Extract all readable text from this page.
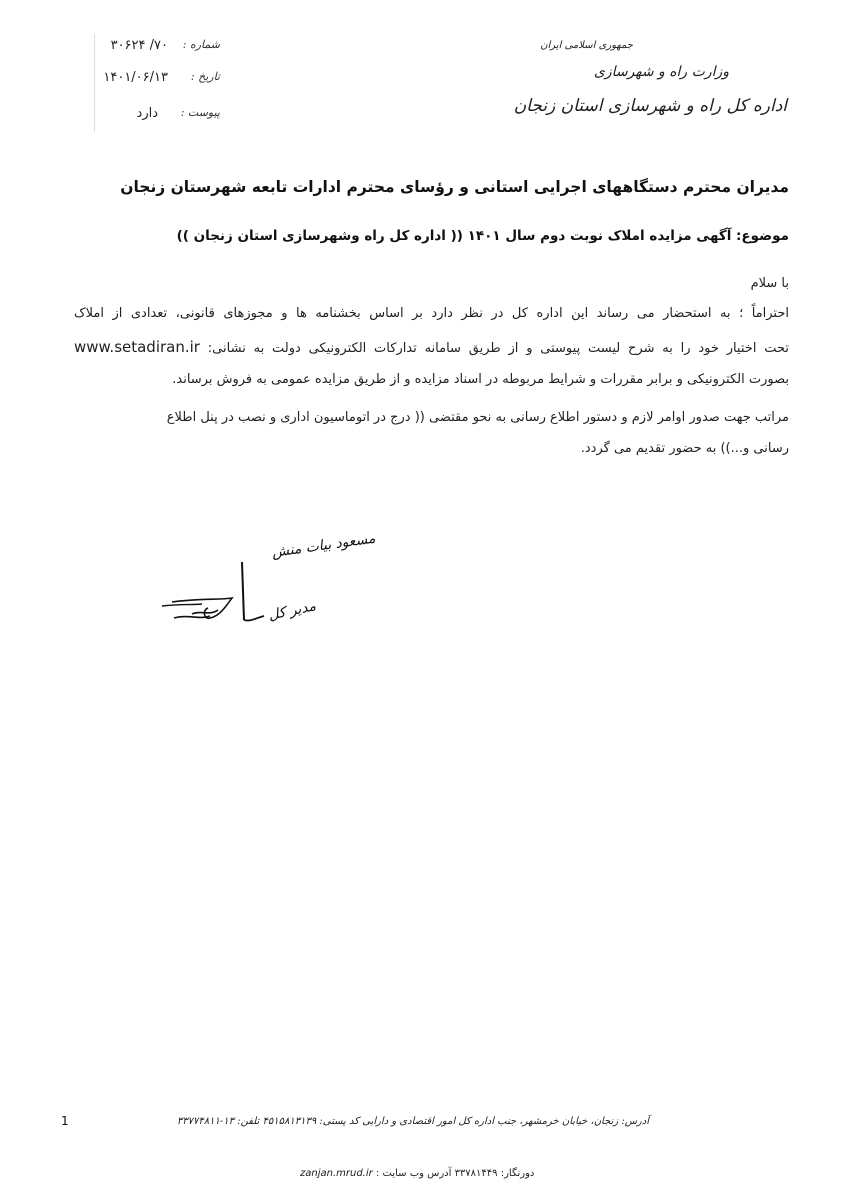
شماره :
۷۰/ ۳۰۶۲۴
تاریخ :
۱۴۰۱/۰۶/۱۳
پیوست :
دارد
جمهوری اسلامی ایران
وزارت راه و شهرسازی
اداره کل راه و شهرسازی استان زنجان
مدیران محترم دستگاههای اجرایی استانی و رؤسای محترم ادارات تابعه شهرستان زنجان
موضوع: آگهی مزایده املاک نوبت دوم سال ۱۴۰۱ (( اداره کل راه وشهرسازی استان زنجان ))
با سلام
احتراماً ؛ به استحضار می رساند این اداره کل در نظر دارد بر اساس بخشنامه ها و مجوزهای قانونی، تعدادی از املاک
تحت اختیار خود را به شرح لیست پیوستی و از طریق سامانه تدارکات الکترونیکی دولت به نشانی: www.setadiran.ir
بصورت الکترونیکی و برابر مقررات و شرایط مربوطه در اسناد مزایده و از طریق مزایده عمومی به فروش برساند.
مراتب جهت صدور اوامر لازم و دستور اطلاع رسانی به نحو مقتضی (( درج در اتوماسیون اداری و نصب در پنل اطلاع
رسانی و...)) به حضور تقدیم می گردد.
مسعود بیات منش
مدیر کل
1	آدرس: زنجان، خیابان خرمشهر، جنب اداره کل امور اقتصادی و دارایی کد پستی: ۴۵۱۵۸۱۳۱۳۹ تلفن: ۱۳-۳۳۷۷۴۸۱۱
دورنگار: ۳۳۷۸۱۴۴۹ آدرس وب سایت : zanjan.mrud.ir
